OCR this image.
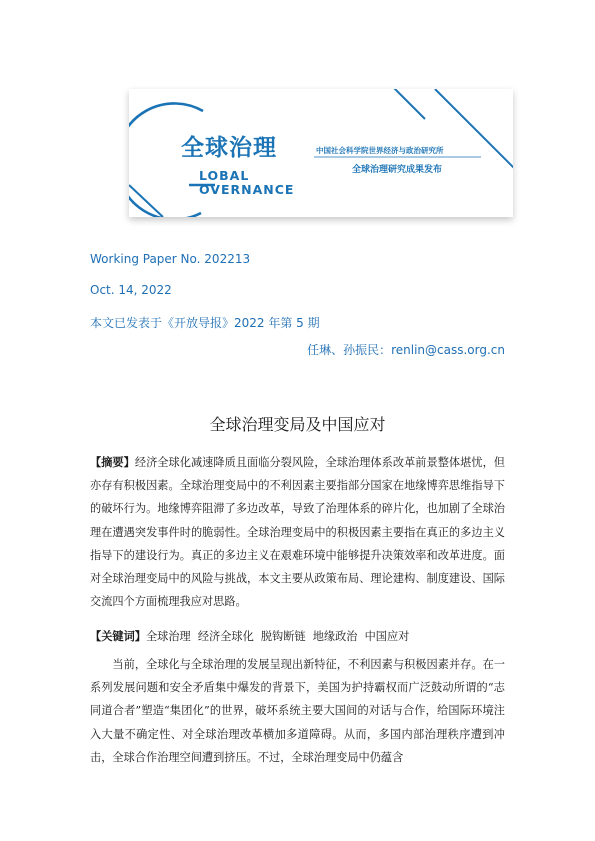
全球治理
LOBAL
OVERNANCE
中国社会科学院世界经济与政治研究所
全球治理研究成果发布
Working Paper No. 202213
Oct. 14, 2022
本文已发表于《开放导报》2022 年第 5 期
任琳、孙振民：renlin@cass.org.cn
全球治理变局及中国应对
【摘要】经济全球化减速降质且面临分裂风险，全球治理体系改革前景整体堪忧，但亦存有积极因素。全球治理变局中的不利因素主要指部分国家在地缘博弈思维指导下的破坏行为。地缘博弈阻滞了多边改革，导致了治理体系的碎片化，也加剧了全球治理在遭遇突发事件时的脆弱性。全球治理变局中的积极因素主要指在真正的多边主义指导下的建设行为。真正的多边主义在艰难环境中能够提升决策效率和改革进度。面对全球治理变局中的风险与挑战，本文主要从政策布局、理论建构、制度建设、国际交流四个方面梳理我应对思路。
【关键词】全球治理  经济全球化  脱钩断链  地缘政治  中国应对
当前，全球化与全球治理的发展呈现出新特征，不利因素与积极因素并存。在一系列发展问题和安全矛盾集中爆发的背景下，美国为护持霸权而广泛鼓动所谓的“志同道合者”塑造“集团化”的世界，破坏系统主要大国间的对话与合作，给国际环境注入大量不确定性、对全球治理改革横加多道障碍。从而，多国内部治理秩序遭到冲击，全球合作治理空间遭到挤压。不过，全球治理变局中仍蕴含
